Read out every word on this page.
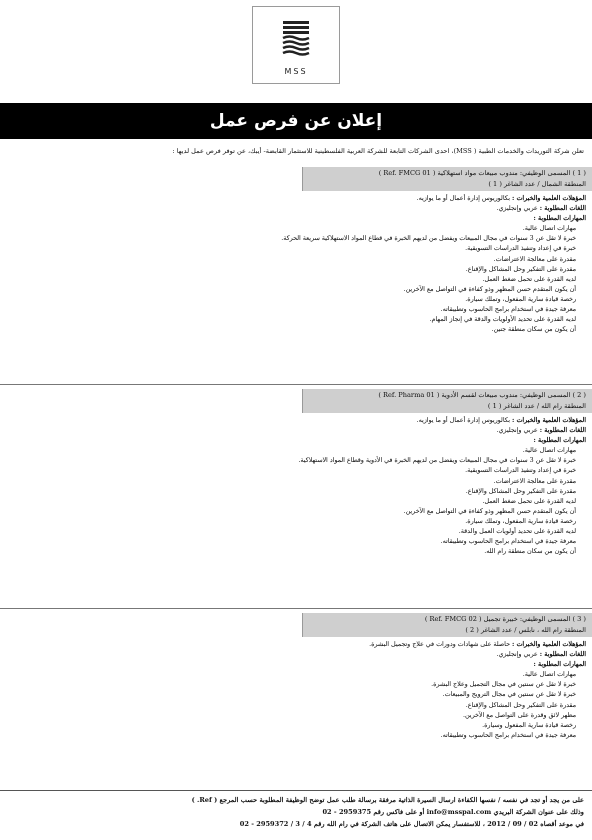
MSS
إعلان عن فرص عمل
تعلن شركة التوريدات والخدمات الطبية ( MSS)، احدى الشركات التابعة للشركة العربية الفلسطينية للاستثمار القابضة- أيبك، عن توفر فرص عمل لديها :
( 1 ) المسمى الوظيفي: مندوب مبيعات مواد استهلاكية ( Ref. FMCG 01 )
المنطقة الشمال / عدد الشاغر ( 1 )
المؤهلات العلمية والخبرات : بكالوريوس إدارة أعمال أو ما يوازيه.
اللغات المطلوبة : عربي وإنجليزي.
المهارات المطلوبة :
● مهارات اتصال عالية.
● خبرة لا تقل عن 3 سنوات في مجال المبيعات ويفضل من لديهم الخبرة في قطاع المواد الاستهلاكية سريعة الحركة.
● خبرة في إعداد وتنفيذ الدراسات التسويقية.
● مقدرة على معالجة الاعتراضات.
● مقدرة على التفكير وحل المشاكل والإقناع.
● لديه القدرة على تحمل ضغط العمل.
● أن يكون المتقدم حسن المظهر وذو كفاءة في التواصل مع الآخرين.
● رخصة قيادة سارية المفعول، وتملك سيارة.
● معرفة جيدة في استخدام برامج الحاسوب وتطبيقاته.
● لديه القدرة على تحديد الأولويات والدقة في إنجاز المهام.
● أن يكون من سكان منطقة جنين.
( 2 ) المسمى الوظيفي: مندوب مبيعات لقسم الأدوية ( Ref. Pharma 01 )
المنطقة رام الله / عدد الشاغر ( 1 )
المؤهلات العلمية والخبرات : بكالوريوس إدارة أعمال أو ما يوازيه.
اللغات المطلوبة : عربي وإنجليزي.
المهارات المطلوبة :
● مهارات اتصال عالية.
● خبرة لا تقل عن 3 سنوات في مجال المبيعات ويفضل من لديهم الخبرة في الأدوية وقطاع المواد الاستهلاكية.
● خبرة في إعداد وتنفيذ الدراسات التسويقية.
● مقدرة على معالجة الاعتراضات.
● مقدرة على التفكير وحل المشاكل والإقناع.
● لديه القدرة على تحمل ضغط العمل.
● أن يكون المتقدم حسن المظهر وذو كفاءة في التواصل مع الآخرين.
● رخصة قيادة سارية المفعول، وتملك سيارة.
● لديه القدرة على تحديد أولويات العمل والدقة.
● معرفة جيدة في استخدام برامج الحاسوب وتطبيقاته.
● أن يكون من سكان منطقة رام الله.
( 3 ) المسمى الوظيفي: خبيرة تجميل ( Ref. FMCG 02 )
المنطقة رام الله ، نابلس / عدد الشاغر ( 2 )
المؤهلات العلمية والخبرات : حاصلة على شهادات ودورات في علاج وتجميل البشرة.
اللغات المطلوبة : عربي وإنجليزي.
المهارات المطلوبة :
● مهارات اتصال عالية.
● خبرة لا تقل عن سنتين في مجال التجميل وعلاج البشرة.
● خبرة لا تقل عن سنتين في مجال الترويج والمبيعات.
● مقدرة على التفكير وحل المشاكل والإقناع.
● مظهر لائق وقدرة على التواصل مع الآخرين.
● رخصة قيادة سارية المفعول وسيارة.
● معرفة جيدة في استخدام برامج الحاسوب وتطبيقاته.
على من يجد أو تجد في نفسه / نفسها الكفاءة ارسال السيرة الذاتية مرفقة برسالة طلب عمل توضح الوظيفة المطلوبة حسب المرجع ( Ref. )
وذلك على عنوان الشركة البريدي info@msspal.com أو على فاكس رقم 2959375 - 02
في موعد أقصاه 02 / 09 / 2012 ، للاستفسار يمكن الاتصال على هاتف الشركة في رام الله رقم 4 / 3 / 2959372 - 02
